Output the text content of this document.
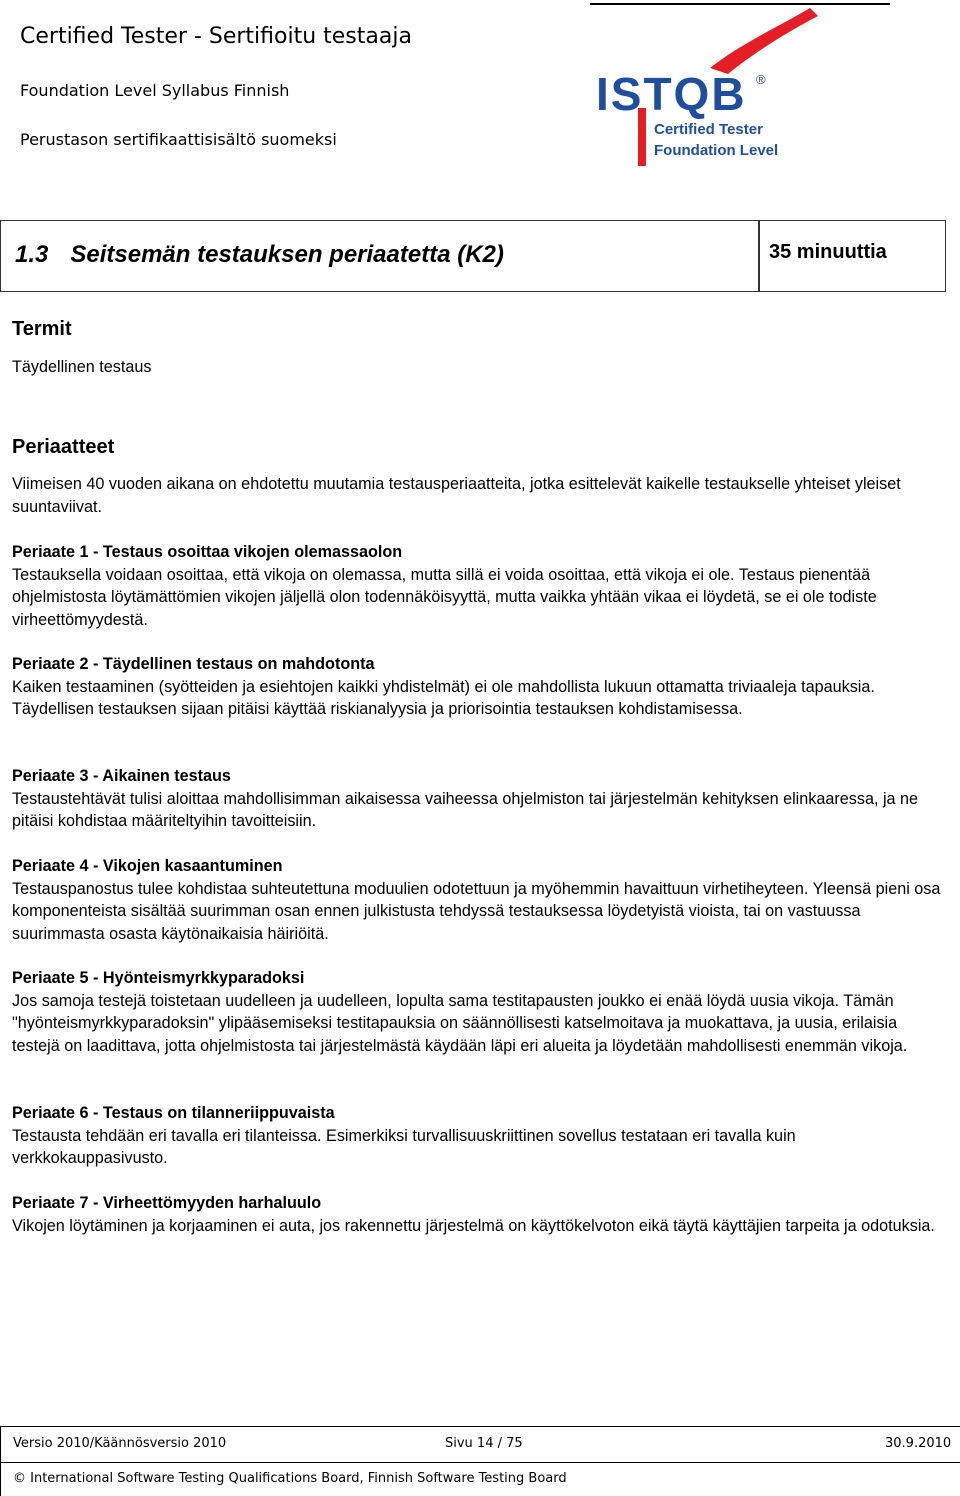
Certified Tester - Sertifioitu testaaja
Foundation Level Syllabus Finnish
Perustason sertifikaattisisältö suomeksi
ISTQB ®
Certified Tester
Foundation Level
1.3 Seitsemän testauksen periaatetta (K2)	35 minuuttia
Termit
Täydellinen testaus
Periaatteet
Viimeisen 40 vuoden aikana on ehdotettu muutamia testausperiaatteita, jotka esittelevät kaikelle testaukselle yhteiset yleiset suuntaviivat.
Periaate 1 - Testaus osoittaa vikojen olemassaolon
Testauksella voidaan osoittaa, että vikoja on olemassa, mutta sillä ei voida osoittaa, että vikoja ei ole. Testaus pienentää ohjelmistosta löytämättömien vikojen jäljellä olon todennäköisyyttä, mutta vaikka yhtään vikaa ei löydetä, se ei ole todiste virheettömyydestä.
Periaate 2 - Täydellinen testaus on mahdotonta
Kaiken testaaminen (syötteiden ja esiehtojen kaikki yhdistelmät) ei ole mahdollista lukuun ottamatta triviaaleja tapauksia. Täydellisen testauksen sijaan pitäisi käyttää riskianalyysia ja priorisointia testauksen kohdistamisessa.
Periaate 3 - Aikainen testaus
Testaustehtävät tulisi aloittaa mahdollisimman aikaisessa vaiheessa ohjelmiston tai järjestelmän kehityksen elinkaaressa, ja ne pitäisi kohdistaa määriteltyihin tavoitteisiin.
Periaate 4 - Vikojen kasaantuminen
Testauspanostus tulee kohdistaa suhteutettuna moduulien odotettuun ja myöhemmin havaittuun virhetiheyteen. Yleensä pieni osa komponenteista sisältää suurimman osan ennen julkistusta tehdyssä testauksessa löydetyistä vioista, tai on vastuussa suurimmasta osasta käytönaikaisia häiriöitä.
Periaate 5 - Hyönteismyrkkyparadoksi
Jos samoja testejä toistetaan uudelleen ja uudelleen, lopulta sama testitapausten joukko ei enää löydä uusia vikoja. Tämän "hyönteismyrkkyparadoksin" ylipääsemiseksi testitapauksia on säännöllisesti katselmoitava ja muokattava, ja uusia, erilaisia testejä on laadittava, jotta ohjelmistosta tai järjestelmästä käydään läpi eri alueita ja löydetään mahdollisesti enemmän vikoja.
Periaate 6 - Testaus on tilanneriippuvaista
Testausta tehdään eri tavalla eri tilanteissa. Esimerkiksi turvallisuuskriittinen sovellus testataan eri tavalla kuin verkkokauppasivusto.
Periaate 7 - Virheettömyyden harhaluulo
Vikojen löytäminen ja korjaaminen ei auta, jos rakennettu järjestelmä on käyttökelvoton eikä täytä käyttäjien tarpeita ja odotuksia.
Versio 2010/Käännösversio 2010	Sivu 14 / 75	30.9.2010
© International Software Testing Qualifications Board, Finnish Software Testing Board
